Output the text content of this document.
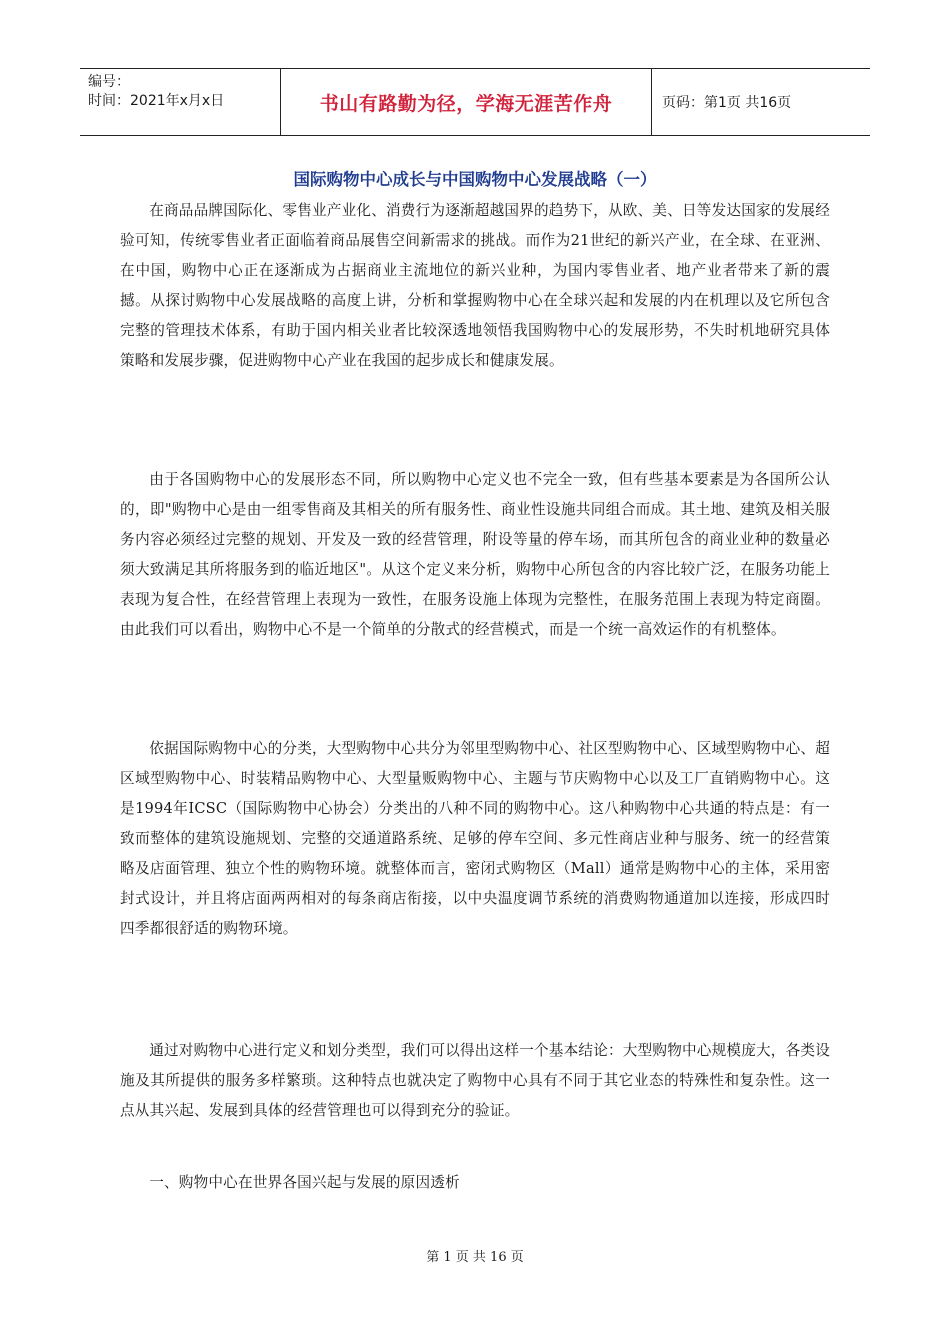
编号：
时间：2021年x月x日	书山有路勤为径，学海无涯苦作舟	页码：第1页 共16页
国际购物中心成长与中国购物中心发展战略（一）

在商品品牌国际化、零售业产业化、消费行为逐渐超越国界的趋势下，从欧、美、日等发达国家的发展经验可知，传统零售业者正面临着商品展售空间新需求的挑战。而作为21世纪的新兴产业，在全球、在亚洲、在中国，购物中心正在逐渐成为占据商业主流地位的新兴业种，为国内零售业者、地产业者带来了新的震撼。从探讨购物中心发展战略的高度上讲，分析和掌握购物中心在全球兴起和发展的内在机理以及它所包含完整的管理技术体系，有助于国内相关业者比较深透地领悟我国购物中心的发展形势，不失时机地研究具体策略和发展步骤，促进购物中心产业在我国的起步成长和健康发展。

由于各国购物中心的发展形态不同，所以购物中心定义也不完全一致，但有些基本要素是为各国所公认的，即"购物中心是由一组零售商及其相关的所有服务性、商业性设施共同组合而成。其土地、建筑及相关服务内容必须经过完整的规划、开发及一致的经营管理，附设等量的停车场，而其所包含的商业业种的数量必须大致满足其所将服务到的临近地区"。从这个定义来分析，购物中心所包含的内容比较广泛，在服务功能上表现为复合性，在经营管理上表现为一致性，在服务设施上体现为完整性，在服务范围上表现为特定商圈。由此我们可以看出，购物中心不是一个简单的分散式的经营模式，而是一个统一高效运作的有机整体。

依据国际购物中心的分类，大型购物中心共分为邻里型购物中心、社区型购物中心、区域型购物中心、超区域型购物中心、时装精品购物中心、大型量贩购物中心、主题与节庆购物中心以及工厂直销购物中心。这是1994年ICSC（国际购物中心协会）分类出的八种不同的购物中心。这八种购物中心共通的特点是：有一致而整体的建筑设施规划、完整的交通道路系统、足够的停车空间、多元性商店业种与服务、统一的经营策略及店面管理、独立个性的购物环境。就整体而言，密闭式购物区（Mall）通常是购物中心的主体，采用密封式设计，并且将店面两两相对的每条商店衔接，以中央温度调节系统的消费购物通道加以连接，形成四时四季都很舒适的购物环境。

通过对购物中心进行定义和划分类型，我们可以得出这样一个基本结论：大型购物中心规模庞大，各类设施及其所提供的服务多样繁琐。这种特点也就决定了购物中心具有不同于其它业态的特殊性和复杂性。这一点从其兴起、发展到具体的经营管理也可以得到充分的验证。

一、购物中心在世界各国兴起与发展的原因透析

第 1 页 共 16 页
